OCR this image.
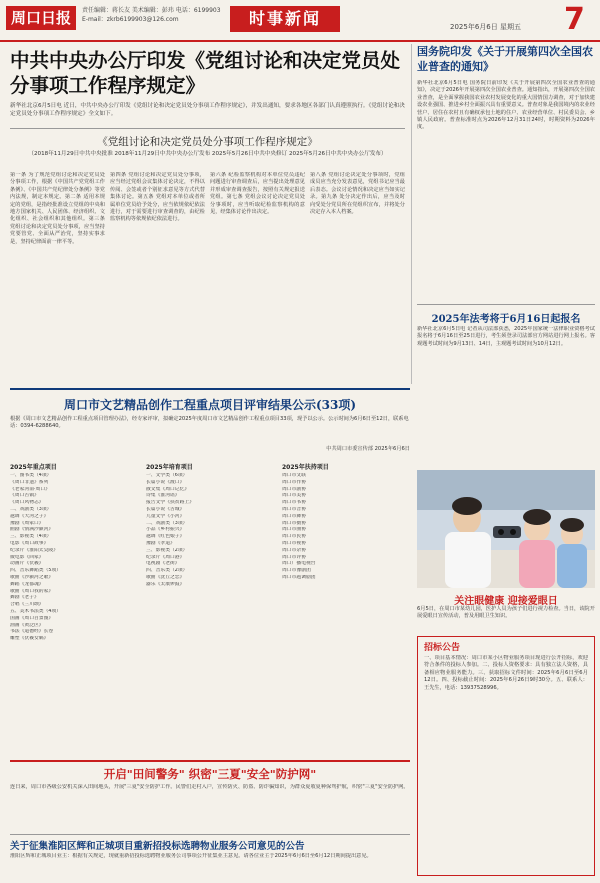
周口日报	责任编辑：蒋长友 美术编辑：彭玮 电话：6199903
E-mail：zkrb6199903@126.com	时事新闻	2025年6月6日 星期五 7
中共中央办公厅印发《党组讨论和决定党员处分事项工作程序规定》
新华社北京6月5日电 近日，中共中央办公厅印发《党组讨论和决定党员处分事项工作程序规定》，并发出通知，要求各地区各部门认真遵照执行。《党组讨论和决定党员处分事项工作程序规定》全文如下。
《党组讨论和决定党员处分事项工作程序规定》
（2018年11月29日中共中央批准 2018年11月29日中共中央办公厅发布 2025年5月26日中共中央修订 2025年5月26日中共中央办公厅发布）
第一条 为了规范党组讨论和决定党员处分事项工作，根据《中国共产党党组工作条例》、《中国共产党纪律处分条例》等党内法规，制定本规定。第二条 适用本规定的党组，是指经批准设立党组的中央和地方国家机关、人民团体、经济组织、文化组织、社会组织和其他组织。第三条 党组讨论和决定党员处分事项，应当坚持党要管党、全面从严治党，坚持实事求是，坚持纪律面前一律平等。
第四条 党组讨论和决定党员处分事项，应当经过党组会议集体讨论决定，不得以传阅、会签或者个别征求意见等方式代替集体讨论。第五条 党组对本单位或者所属单位党员给予处分，应当依规依纪依法进行，对于需要进行审查调查的，由纪检监察机构等依规依纪依法进行。
第六条 纪检监察机构对本单位党员违纪问题进行审查调查后，应当提出处理意见并形成审查调查报告，按照有关规定报送党组。第七条 党组会议讨论决定党员处分事项时，应当听取纪检监察机构的意见，经集体讨论作出决定。
第八条 党组讨论决定处分事项时，党组成员应当充分发表意见，党组书记应当最后表态。会议讨论情况和决定应当如实记录。第九条 处分决定作出后，应当及时向受处分党员所在党组织宣布，并将处分决定存入本人档案。
国务院印发《关于开展第四次全国农业普查的通知》
新华社北京6月5日电 国务院日前印发《关于开展第四次全国农业普查的通知》，决定于2026年开展第四次全国农业普查。通知指出，开展第四次全国农业普查，是全面掌握我国农业农村发展变化的重大国情国力调查，对于加快建设农业强国、推进乡村全面振兴具有重要意义。普查对象是我国境内的农业经营户、居住在农村且有确权承包土地的住户、农业经营单位、村民委员会、乡镇人民政府。普查标准时点为2026年12月31日24时，时期资料为2026年度。
2025年法考将于6月16日起报名
新华社北京6月5日电 记者从司法部获悉，2025年国家统一法律职业资格考试报名将于6月16日至25日进行，考生须登录司法部官方网站进行网上报名。客观题考试时间为9月13日、14日，主观题考试时间为10月12日。
周口市文艺精品创作工程重点项目评审结果公示(33项)
根据《周口市文艺精品创作工程重点项目管理办法》，经专家评审，拟确定2025年度周口市文艺精品创作工程重点项目33项，现予以公示。公示时间为6月6日至12日，联系电话：0394-6288640。
中共周口市委宣传部 2025年6月6日
2025年重点项目
一、图书类（4项）
《周口非遗》系列
《老家河南·周口》
《周口古镇》
《周口风物志》
二、戏剧类（3项）
越调《大河之子》
豫剧《周家口》
曲剧《情满沙颍河》
三、影视类（4项）
电影《周口故事》
纪录片《淮阳太昊陵》
微电影《回家》
动画片《伏羲》
四、音乐舞蹈类（5项）
歌曲《沙颍河之歌》
舞蹈《龙都魂》
歌曲《周口我的家》
舞剧《老子》
合唱《三川颂》
五、美术书法类（4项）
国画《周口百景图》
油画《黄泛区》
书法《道德经》长卷
雕塑《伏羲女娲》
2025年培育项目
一、文学类（6项）
长篇小说《渡口》
散文集《周口记忆》
诗集《淮河谣》
报告文学《扶贫路上》
长篇小说《古城》
儿童文学《小河》
二、戏剧类（3项）
小品《乡村振兴》
越调《红色娘子》
豫剧《孝道》
三、影视类（2项）
纪录片《周口港》
电视剧《老街》
四、音乐类（2项）
歌曲《沈丘之恋》
器乐《太康锣鼓》
2025年扶持项目
周口市文联
周口市作协
周口市剧协
周口市美协
周口市书协
周口市音协
周口市舞协
周口市摄协
周口市曲协
周口市民协
周口市视协
周口市杂协
周口市评协
周口广播电视台
周口市豫剧团
周口市越调剧团
关注眼健康 迎接爱眼日
6月5日，在周口市某幼儿园，医护人员为孩子们进行视力检查。当日，该院开展爱眼日宣传活动，普及用眼卫生知识。
招标公告
一、项目基本情况：周口市某小区物业服务项目现进行公开招标，欢迎符合条件的投标人参加。二、投标人资格要求：具有独立法人资格，具备相应物业服务能力。三、获取招标文件时间：2025年6月6日至6月12日。四、投标截止时间：2025年6月26日9时30分。五、联系人：王先生，电话：13937528996。
开启"田间警务" 织密"三夏"安全"防护网"
连日来，周口市各级公安机关深入田间地头，开展"三夏"安全防护工作。民警们走村入户，宣传防火、防盗、防诈骗知识，为群众夏收夏种保驾护航，织密"三夏"安全防护网。
关于征集淮阳区辉和正城项目重新招投标选聘物业服务公司意见的公告
淮阳区辉和正城项目业主：根据有关规定，现就重新招投标选聘物业服务公司事项公开征集业主意见。请各位业主于2025年6月6日至6月12日期间提出意见。
